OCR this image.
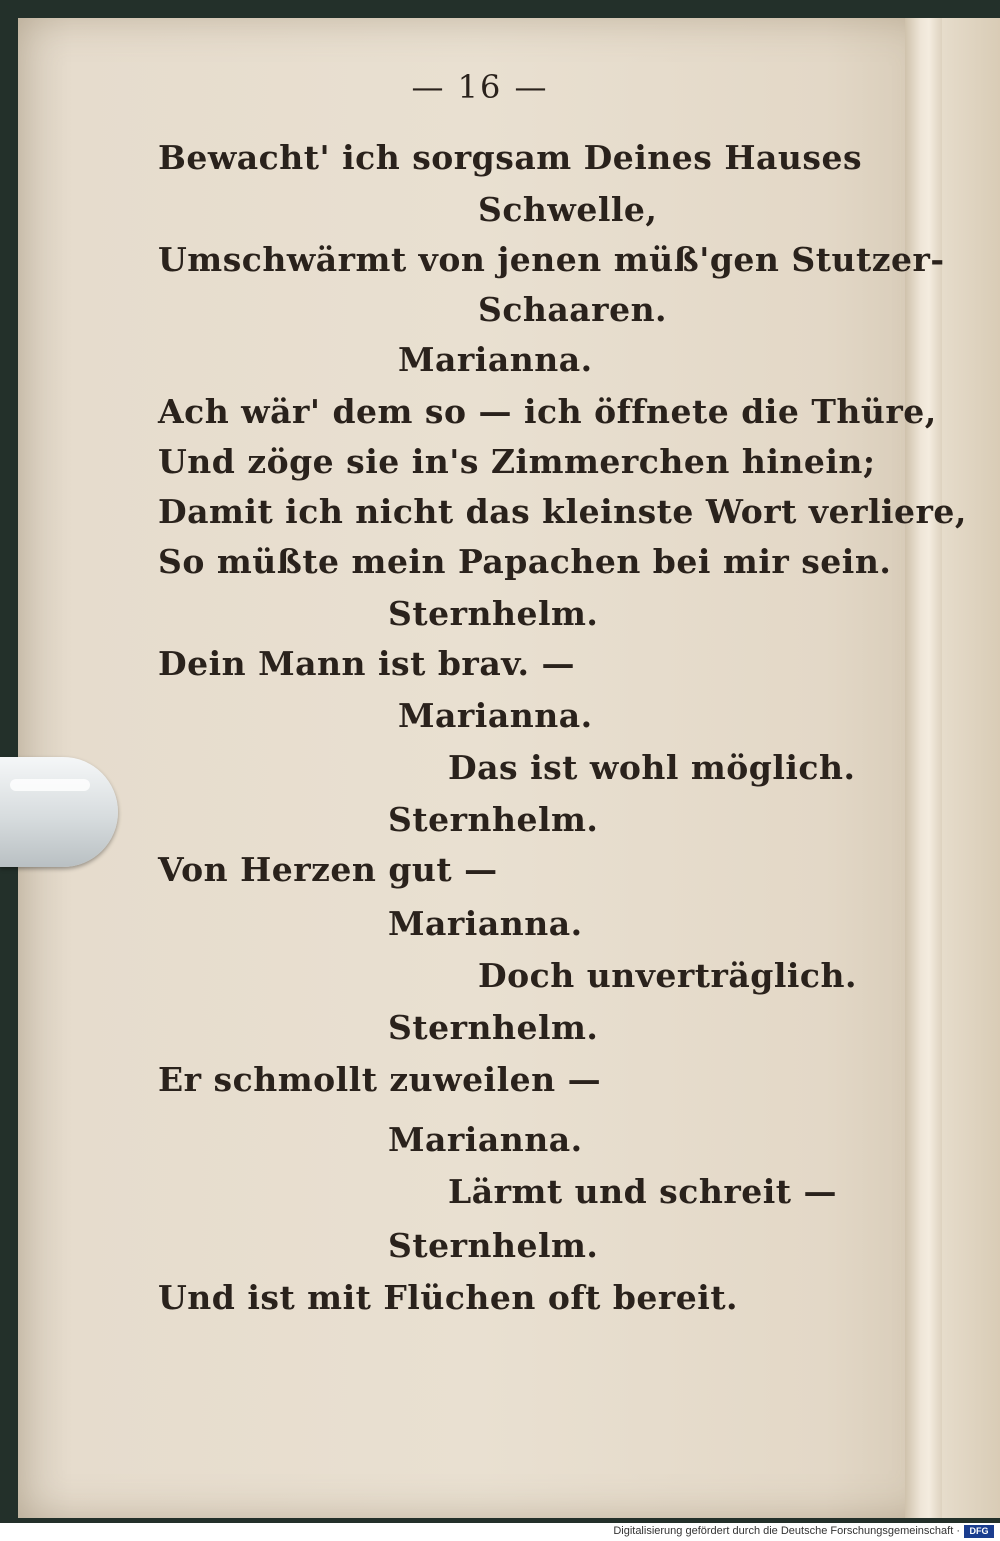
— 16 —
Bewacht' ich sorgsam Deines Hauses
Schwelle,
Umschwärmt von jenen müß'gen Stutzer-
Schaaren.
Marianna.
Ach wär' dem so — ich öffnete die Thüre,
Und zöge sie in's Zimmerchen hinein;
Damit ich nicht das kleinste Wort verliere,
So müßte mein Papachen bei mir sein.
Sternhelm.
Dein Mann ist brav. —
Marianna.
Das ist wohl möglich.
Sternhelm.
Von Herzen gut —
Marianna.
Doch unverträglich.
Sternhelm.
Er schmollt zuweilen —
Marianna.
Lärmt und schreit —
Sternhelm.
Und ist mit Flüchen oft bereit.
Digitalisierung gefördert durch die Deutsche Forschungsgemeinschaft ·	DFG
